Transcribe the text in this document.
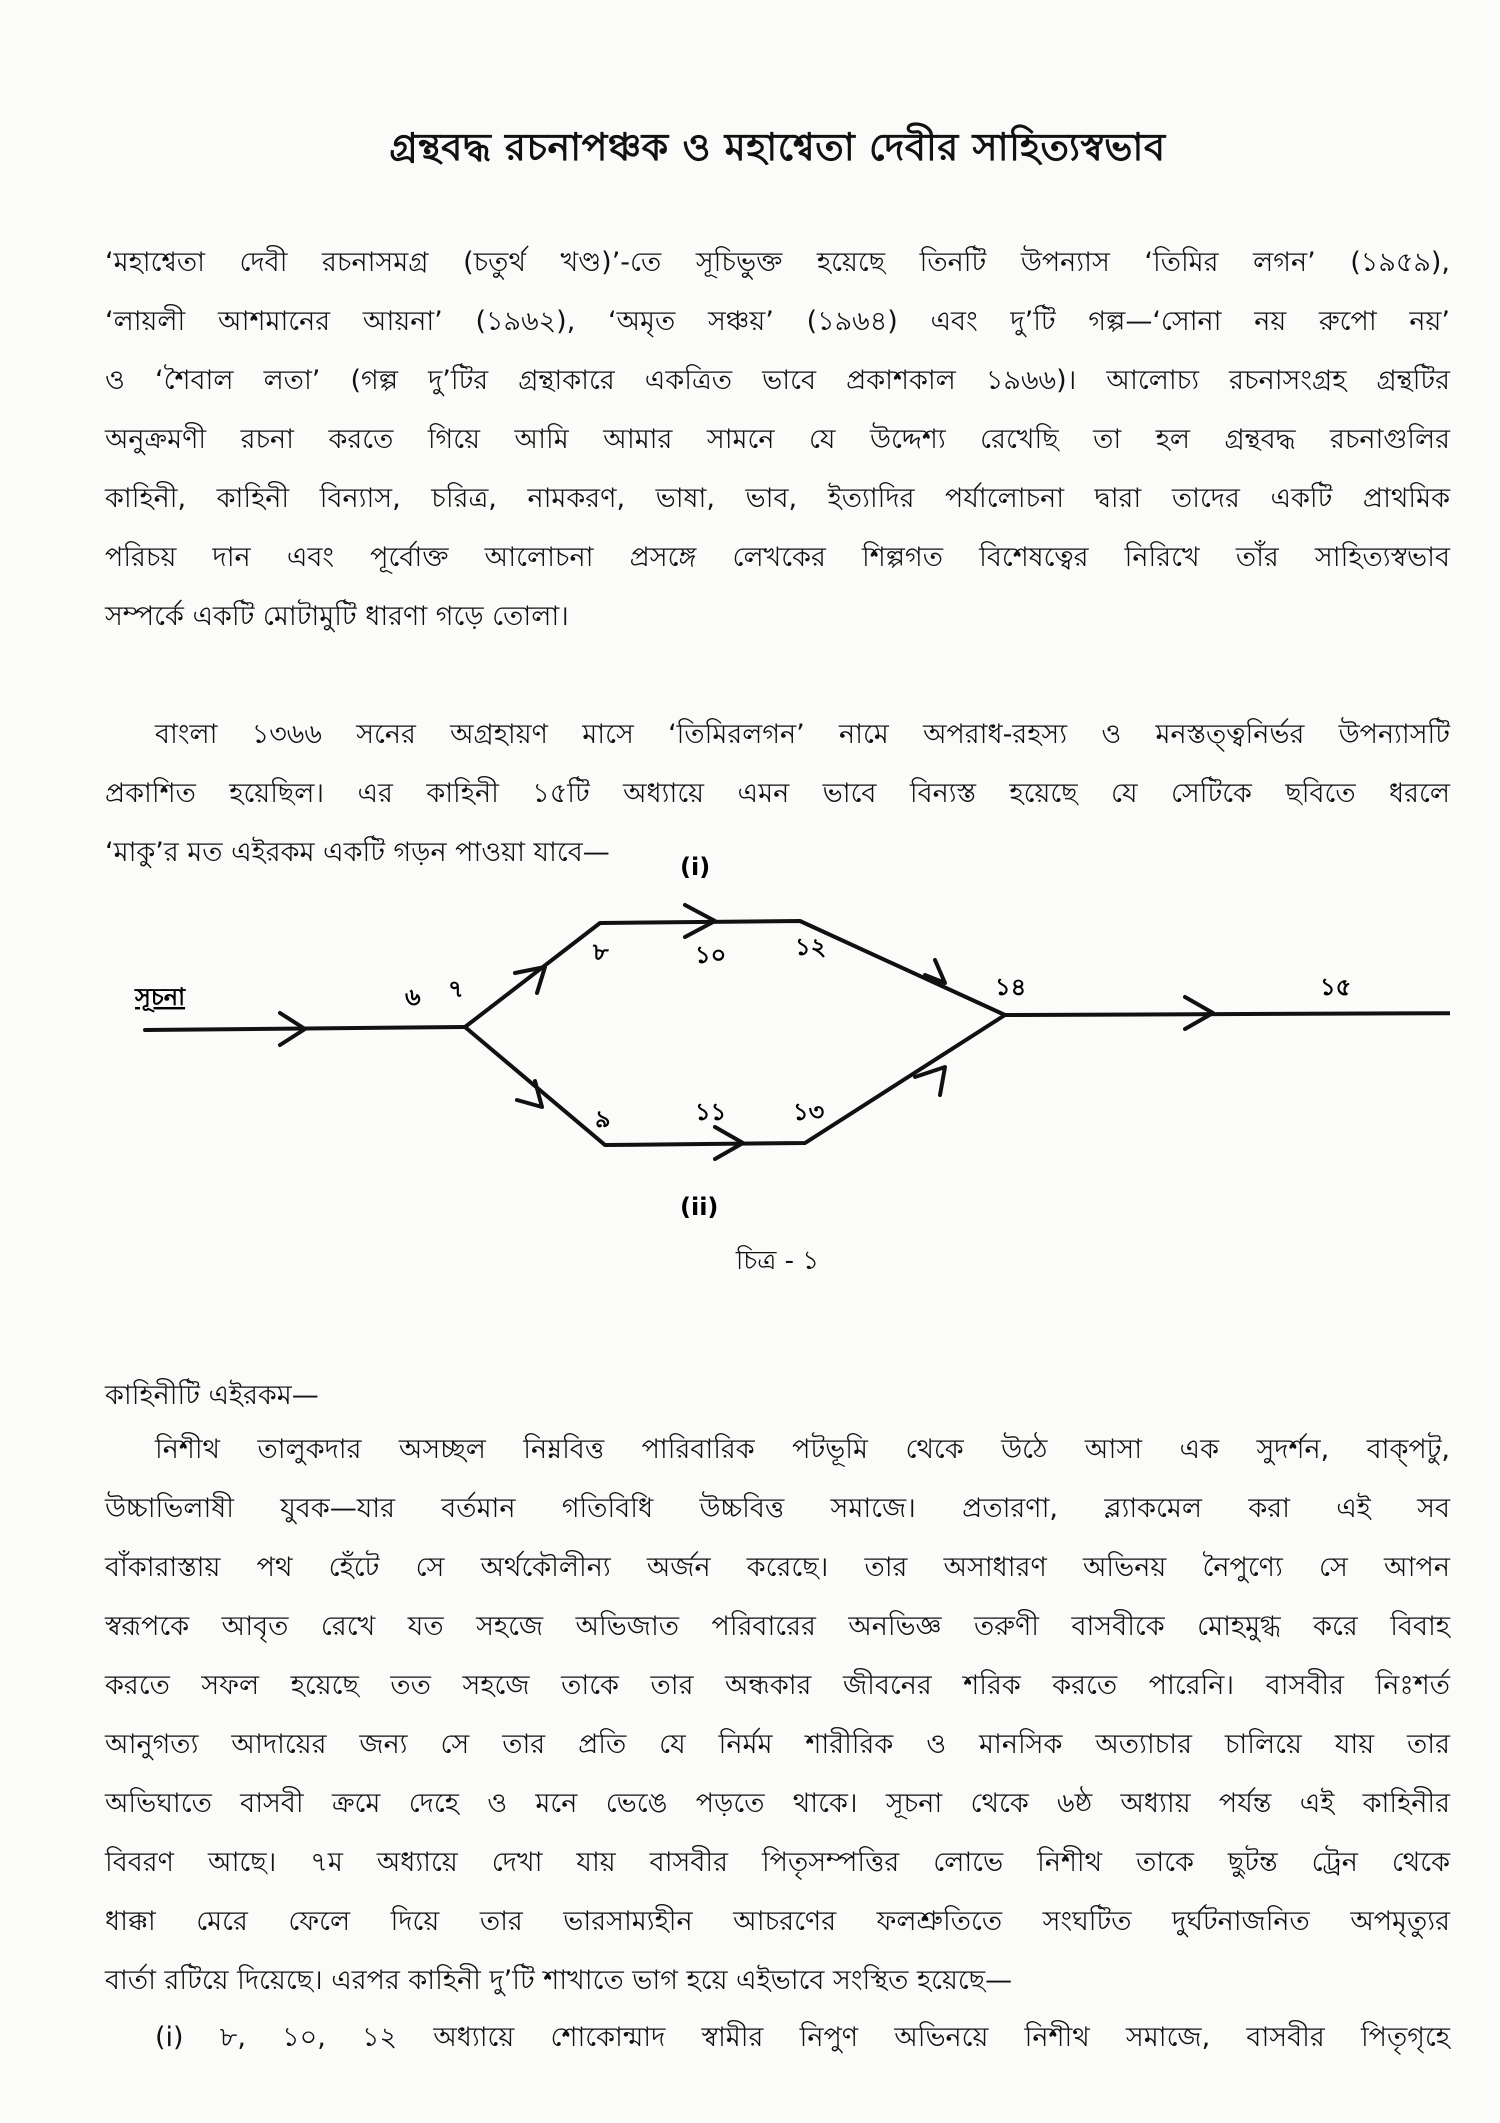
গ্রন্থবদ্ধ রচনাপঞ্চক ও মহাশ্বেতা দেবীর সাহিত্যস্বভাব
‘মহাশ্বেতা দেবী রচনাসমগ্র (চতুর্থ খণ্ড)’-তে সূচিভুক্ত হয়েছে তিনটি উপন্যাস ‘তিমির লগন’ (১৯৫৯),
‘লায়লী আশমানের আয়না’ (১৯৬২), ‘অমৃত সঞ্চয়’ (১৯৬৪) এবং দু’টি গল্প—‘সোনা নয় রুপো নয়’
ও ‘শৈবাল লতা’ (গল্প দু’টির গ্রন্থাকারে একত্রিত ভাবে প্রকাশকাল ১৯৬৬)। আলোচ্য রচনাসংগ্রহ গ্রন্থটির
অনুক্রমণী রচনা করতে গিয়ে আমি আমার সামনে যে উদ্দেশ্য রেখেছি তা হল গ্রন্থবদ্ধ রচনাগুলির
কাহিনী, কাহিনী বিন্যাস, চরিত্র, নামকরণ, ভাষা, ভাব, ইত্যাদির পর্যালোচনা দ্বারা তাদের একটি প্রাথমিক
পরিচয় দান এবং পূর্বোক্ত আলোচনা প্রসঙ্গে লেখকের শিল্পগত বিশেষত্বের নিরিখে তাঁর সাহিত্যস্বভাব
সম্পর্কে একটি মোটামুটি ধারণা গড়ে তোলা।
বাংলা ১৩৬৬ সনের অগ্রহায়ণ মাসে ‘তিমিরলগন’ নামে অপরাধ-রহস্য ও মনস্তত্ত্বনির্ভর উপন্যাসটি
প্রকাশিত হয়েছিল। এর কাহিনী ১৫টি অধ্যায়ে এমন ভাবে বিন্যস্ত হয়েছে যে সেটিকে ছবিতে ধরলে
‘মাকু’র মত এইরকম একটি গড়ন পাওয়া যাবে—
সূচনা
(i)
(ii)
৬ ৭
৮	১০	১২
৯	১১	১৩
১৪	১৫
চিত্র - ১
কাহিনীটি এইরকম—
নিশীথ তালুকদার অসচ্ছল নিম্নবিত্ত পারিবারিক পটভূমি থেকে উঠে আসা এক সুদর্শন, বাক্‌পটু,
উচ্চাভিলাষী যুবক—যার বর্তমান গতিবিধি উচ্চবিত্ত সমাজে। প্রতারণা, ব্ল্যাকমেল করা এই সব
বাঁকারাস্তায় পথ হেঁটে সে অর্থকৌলীন্য অর্জন করেছে। তার অসাধারণ অভিনয় নৈপুণ্যে সে আপন
স্বরূপকে আবৃত রেখে যত সহজে অভিজাত পরিবারের অনভিজ্ঞ তরুণী বাসবীকে মোহমুগ্ধ করে বিবাহ
করতে সফল হয়েছে তত সহজে তাকে তার অন্ধকার জীবনের শরিক করতে পারেনি। বাসবীর নিঃশর্ত
আনুগত্য আদায়ের জন্য সে তার প্রতি যে নির্মম শারীরিক ও মানসিক অত্যাচার চালিয়ে যায় তার
অভিঘাতে বাসবী ক্রমে দেহে ও মনে ভেঙে পড়তে থাকে। সূচনা থেকে ৬ষ্ঠ অধ্যায় পর্যন্ত এই কাহিনীর
বিবরণ আছে। ৭ম অধ্যায়ে দেখা যায় বাসবীর পিতৃসম্পত্তির লোভে নিশীথ তাকে ছুটন্ত ট্রেন থেকে
ধাক্কা মেরে ফেলে দিয়ে তার ভারসাম্যহীন আচরণের ফলশ্রুতিতে সংঘটিত দুর্ঘটনাজনিত অপমৃত্যুর
বার্তা রটিয়ে দিয়েছে। এরপর কাহিনী দু’টি শাখাতে ভাগ হয়ে এইভাবে সংস্থিত হয়েছে—
(i) ৮, ১০, ১২ অধ্যায়ে শোকোন্মাদ স্বামীর নিপুণ অভিনয়ে নিশীথ সমাজে, বাসবীর পিতৃগৃহে
